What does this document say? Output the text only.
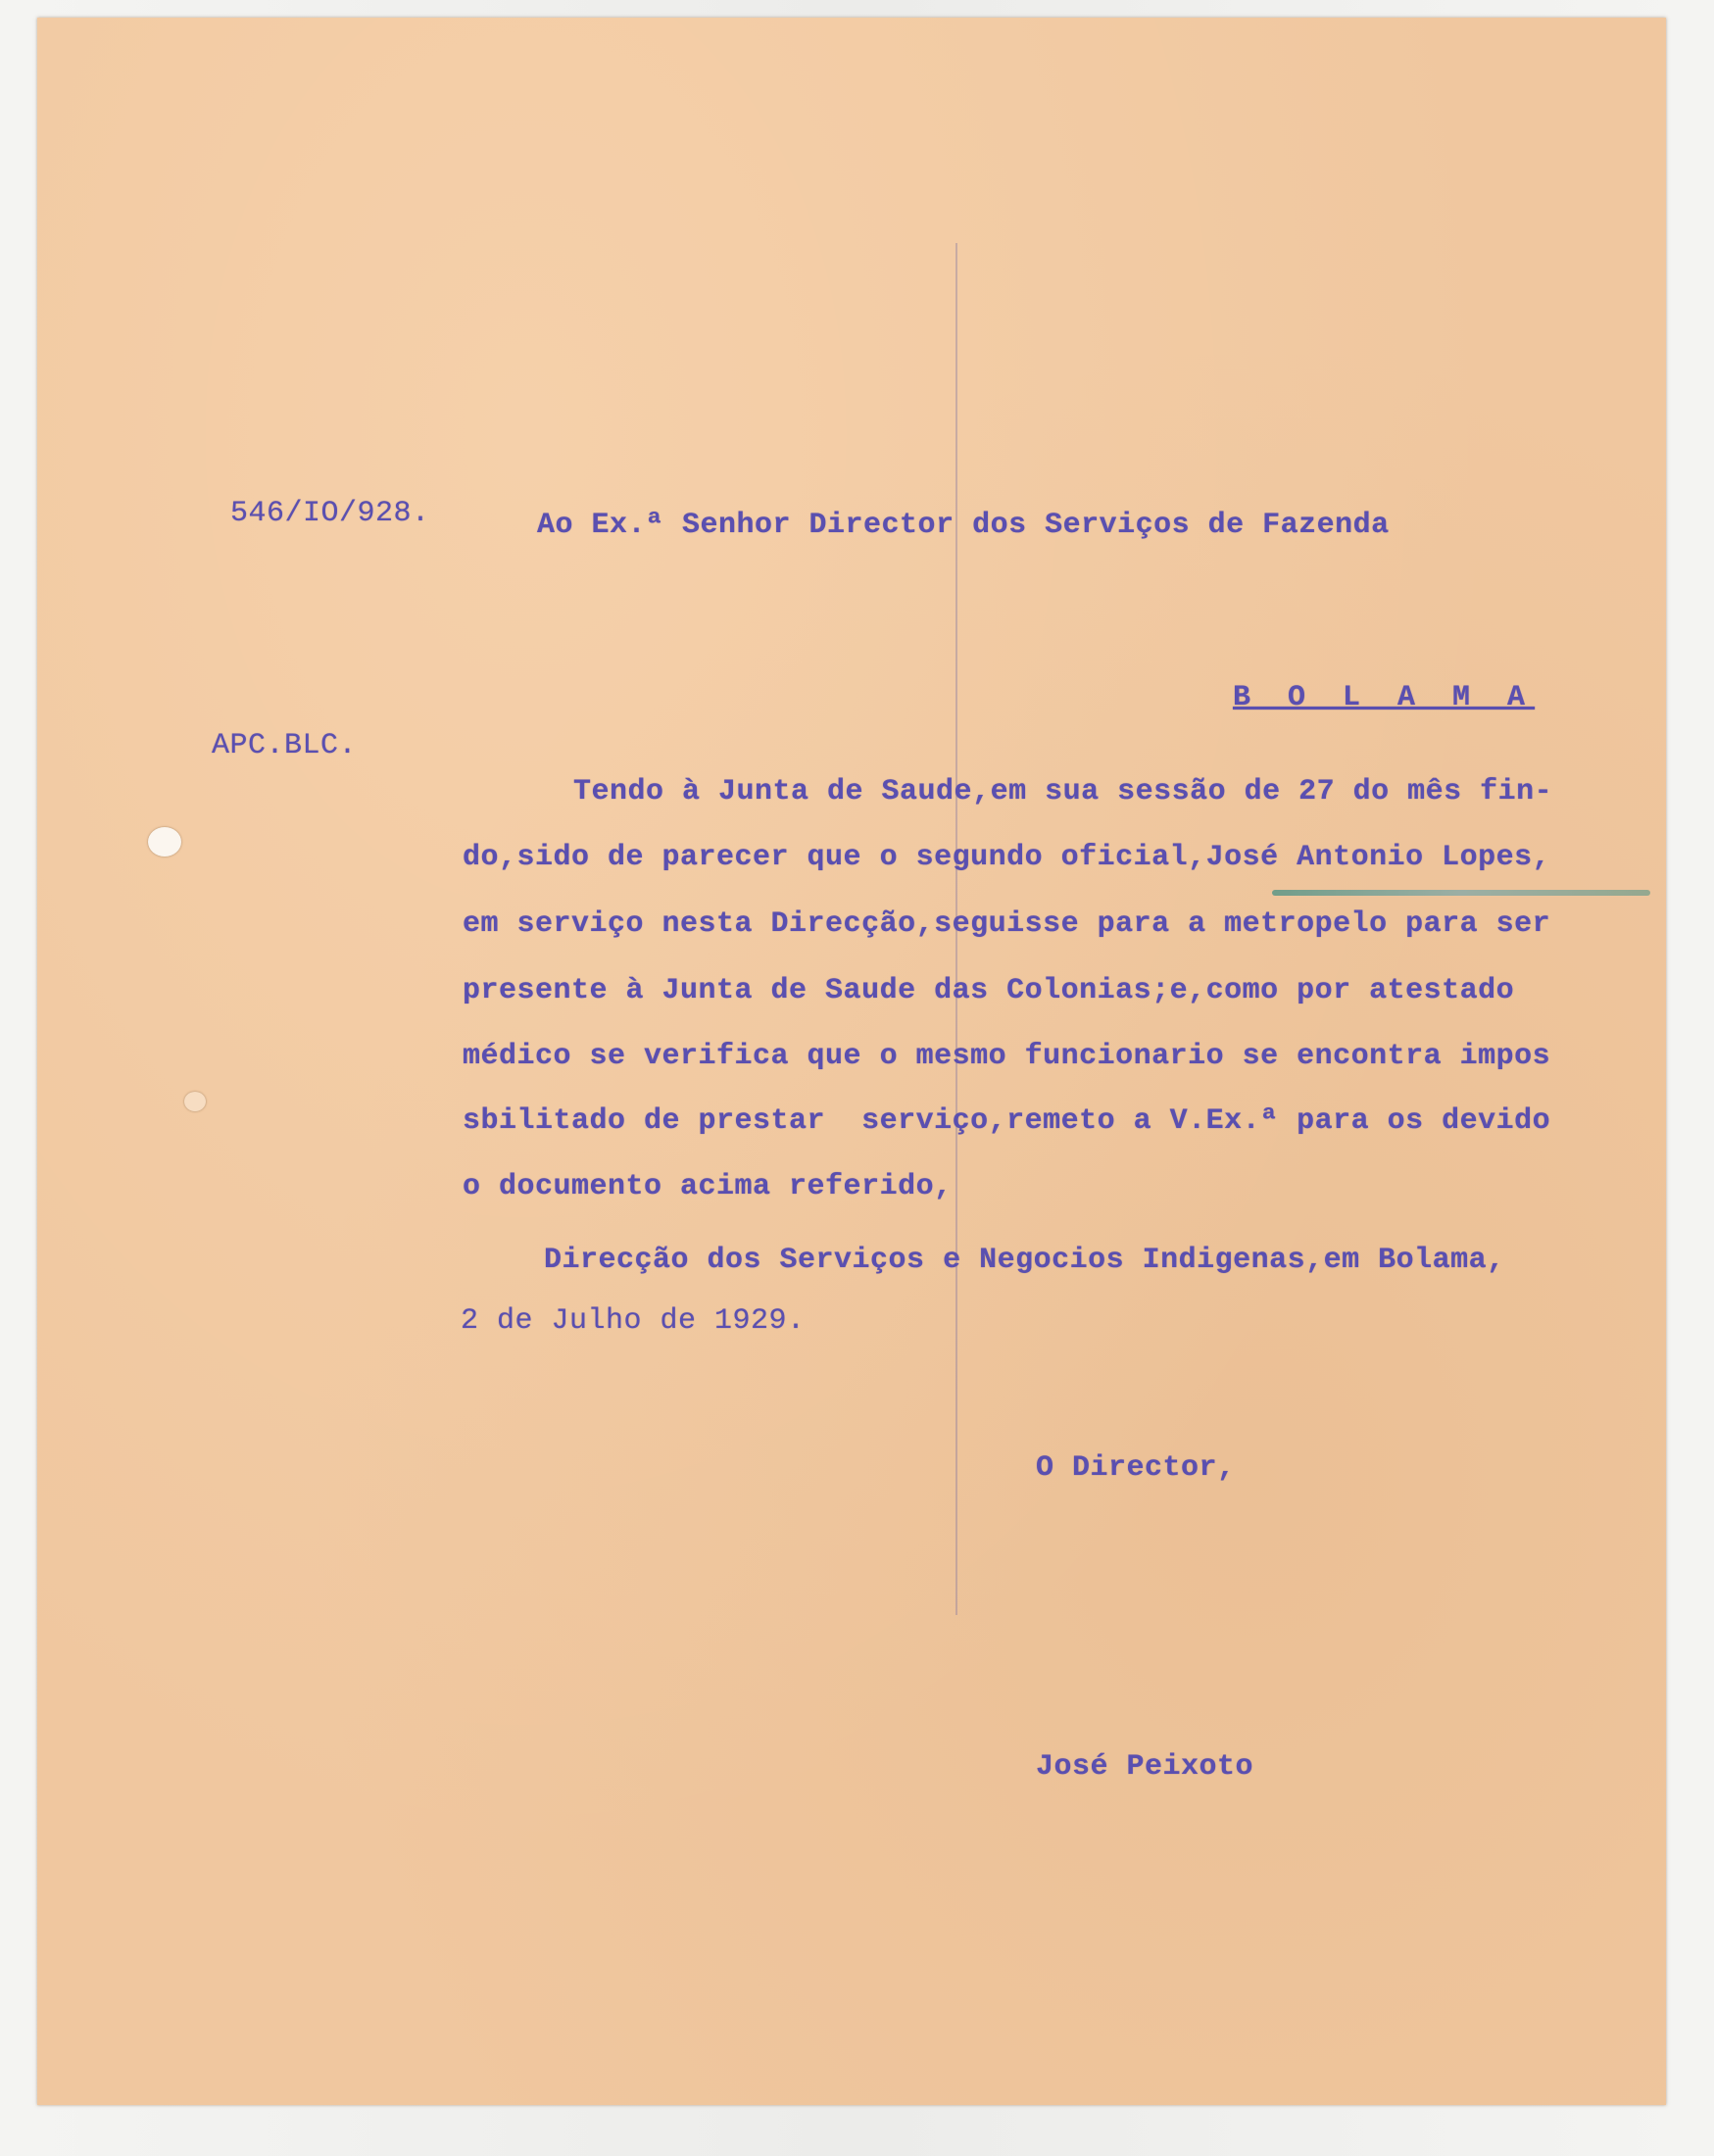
546/IO/928.	Ao Ex.ª Senhor Director dos Serviços de Fazenda
B O L A M A
APC.BLC.
Tendo à Junta de Saude,em sua sessão de 27 do mês fin-
do,sido de parecer que o segundo oficial,José Antonio Lopes,
em serviço nesta Direcção,seguisse para a metropelo para ser
presente à Junta de Saude das Colonias;e,como por atestado
médico se verifica que o mesmo funcionario se encontra impos
sbilitado de prestar  serviço,remeto a V.Ex.ª para os devido
o documento acima referido,
Direcção dos Serviços e Negocios Indigenas,em Bolama,
2 de Julho de 1929.
O Director,
José Peixoto
